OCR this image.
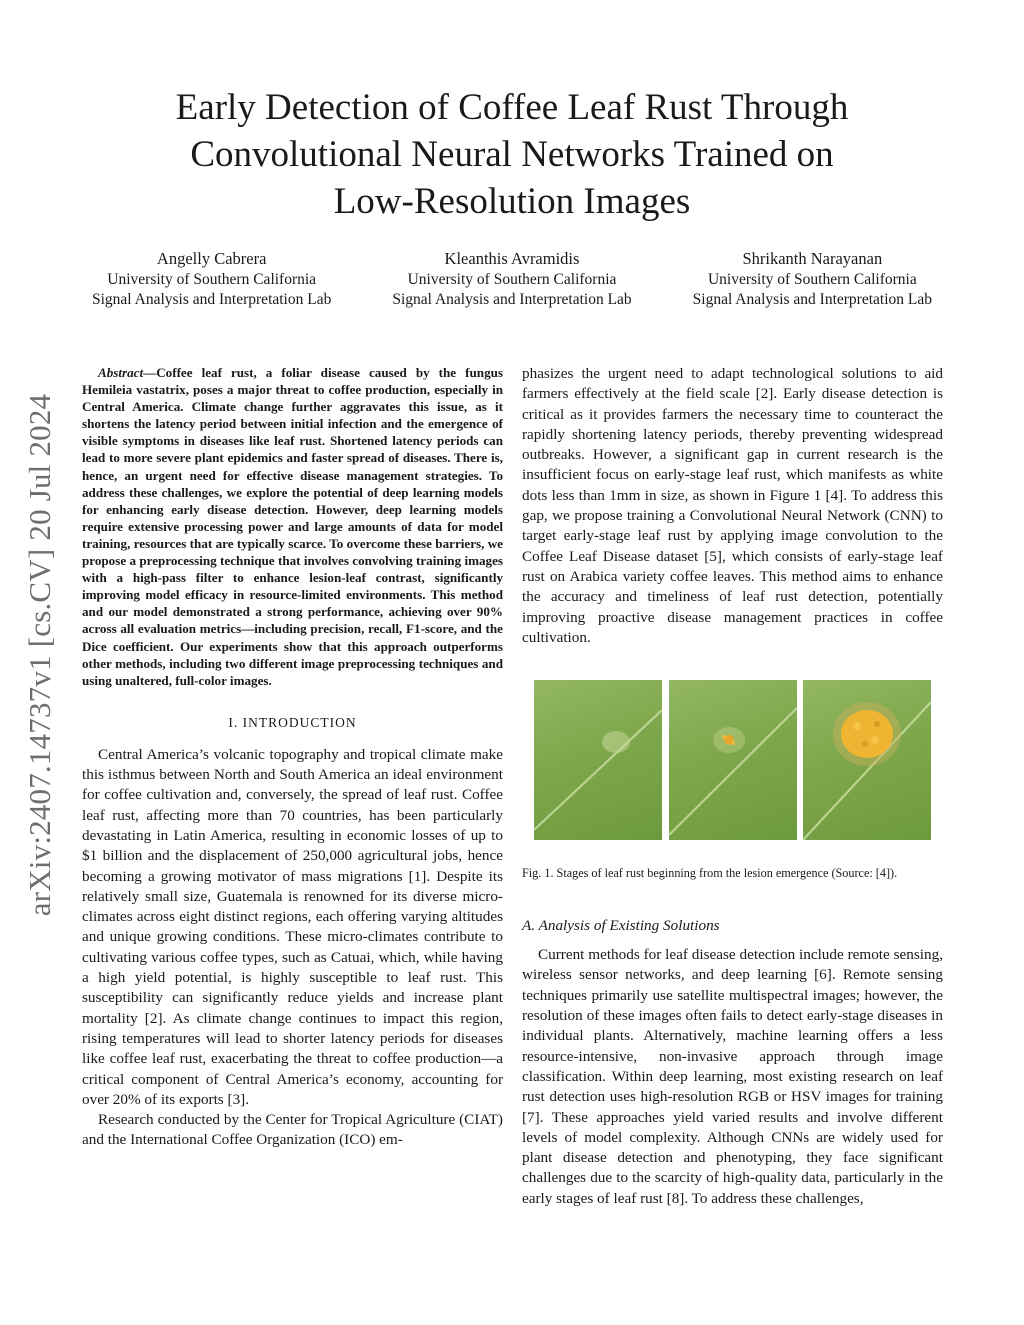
arXiv:2407.14737v1 [cs.CV] 20 Jul 2024
Early Detection of Coffee Leaf Rust Through
Convolutional Neural Networks Trained on
Low-Resolution Images
Angelly Cabrera
University of Southern California
Signal Analysis and Interpretation Lab
Kleanthis Avramidis
University of Southern California
Signal Analysis and Interpretation Lab
Shrikanth Narayanan
University of Southern California
Signal Analysis and Interpretation Lab

Abstract—Coffee leaf rust, a foliar disease caused by the fungus Hemileia vastatrix, poses a major threat to coffee production, especially in Central America. Climate change further aggravates this issue, as it shortens the latency period between initial infection and the emergence of visible symptoms in diseases like leaf rust. Shortened latency periods can lead to more severe plant epidemics and faster spread of diseases. There is, hence, an urgent need for effective disease management strategies. To address these challenges, we explore the potential of deep learning models for enhancing early disease detection. However, deep learning models require extensive processing power and large amounts of data for model training, resources that are typically scarce. To overcome these barriers, we propose a preprocessing technique that involves convolving training images with a high-pass filter to enhance lesion-leaf contrast, significantly improving model efficacy in resource-limited environments. This method and our model demonstrated a strong performance, achieving over 90% across all evaluation metrics—including precision, recall, F1-score, and the Dice coefficient. Our experiments show that this approach outperforms other methods, including two different image preprocessing techniques and using unaltered, full-color images.

I. INTRODUCTION

Central America’s volcanic topography and tropical climate make this isthmus between North and South America an ideal environment for coffee cultivation and, conversely, the spread of leaf rust. Coffee leaf rust, affecting more than 70 countries, has been particularly devastating in Latin America, resulting in economic losses of up to $1 billion and the displacement of 250,000 agricultural jobs, hence becoming a growing motivator of mass migrations [1]. Despite its relatively small size, Guatemala is renowned for its diverse micro-climates across eight distinct regions, each offering varying altitudes and unique growing conditions. These micro-climates contribute to cultivating various coffee types, such as Catuai, which, while having a high yield potential, is highly susceptible to leaf rust. This susceptibility can significantly reduce yields and increase plant mortality [2]. As climate change continues to impact this region, rising temperatures will lead to shorter latency periods for diseases like coffee leaf rust, exacerbating the threat to coffee production—a critical component of Central America’s economy, accounting for over 20% of its exports [3].

Research conducted by the Center for Tropical Agriculture (CIAT) and the International Coffee Organization (ICO) em-

phasizes the urgent need to adapt technological solutions to aid farmers effectively at the field scale [2]. Early disease detection is critical as it provides farmers the necessary time to counteract the rapidly shortening latency periods, thereby preventing widespread outbreaks. However, a significant gap in current research is the insufficient focus on early-stage leaf rust, which manifests as white dots less than 1mm in size, as shown in Figure 1 [4]. To address this gap, we propose training a Convolutional Neural Network (CNN) to target early-stage leaf rust by applying image convolution to the Coffee Leaf Disease dataset [5], which consists of early-stage leaf rust on Arabica variety coffee leaves. This method aims to enhance the accuracy and timeliness of leaf rust detection, potentially improving proactive disease management practices in coffee cultivation.

Fig. 1. Stages of leaf rust beginning from the lesion emergence (Source: [4]).

A. Analysis of Existing Solutions

Current methods for leaf disease detection include remote sensing, wireless sensor networks, and deep learning [6]. Remote sensing techniques primarily use satellite multispectral images; however, the resolution of these images often fails to detect early-stage diseases in individual plants. Alternatively, machine learning offers a less resource-intensive, non-invasive approach through image classification. Within deep learning, most existing research on leaf rust detection uses high-resolution RGB or HSV images for training [7]. These approaches yield varied results and involve different levels of model complexity. Although CNNs are widely used for plant disease detection and phenotyping, they face significant challenges due to the scarcity of high-quality data, particularly in the early stages of leaf rust [8]. To address these challenges,
